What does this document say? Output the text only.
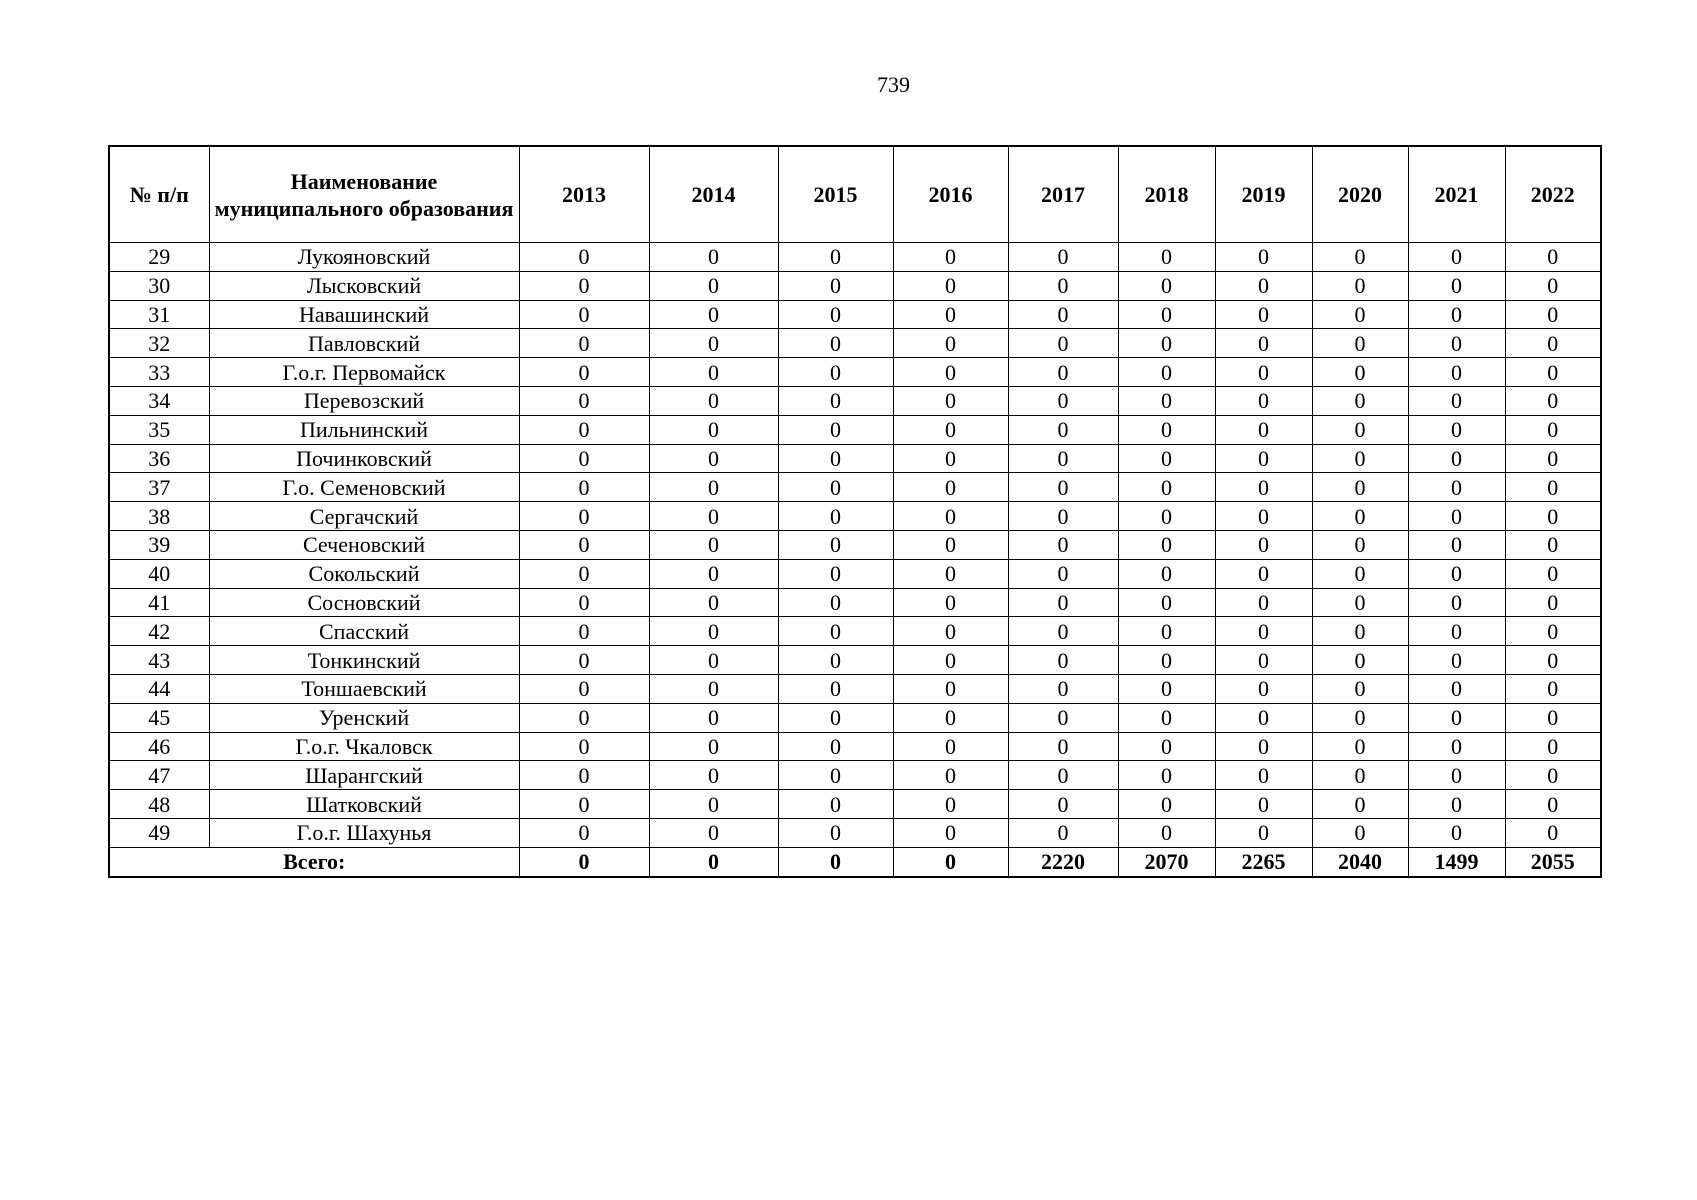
739
№ п/п	Наименование муниципального образования	2013	2014	2015	2016	2017	2018	2019	2020	2021	2022
29	Лукояновский	0	0	0	0	0	0	0	0	0	0
30	Лысковский	0	0	0	0	0	0	0	0	0	0
31	Навашинский	0	0	0	0	0	0	0	0	0	0
32	Павловский	0	0	0	0	0	0	0	0	0	0
33	Г.о.г. Первомайск	0	0	0	0	0	0	0	0	0	0
34	Перевозский	0	0	0	0	0	0	0	0	0	0
35	Пильнинский	0	0	0	0	0	0	0	0	0	0
36	Починковский	0	0	0	0	0	0	0	0	0	0
37	Г.о. Семеновский	0	0	0	0	0	0	0	0	0	0
38	Сергачский	0	0	0	0	0	0	0	0	0	0
39	Сеченовский	0	0	0	0	0	0	0	0	0	0
40	Сокольский	0	0	0	0	0	0	0	0	0	0
41	Сосновский	0	0	0	0	0	0	0	0	0	0
42	Спасский	0	0	0	0	0	0	0	0	0	0
43	Тонкинский	0	0	0	0	0	0	0	0	0	0
44	Тоншаевский	0	0	0	0	0	0	0	0	0	0
45	Уренский	0	0	0	0	0	0	0	0	0	0
46	Г.о.г. Чкаловск	0	0	0	0	0	0	0	0	0	0
47	Шарангский	0	0	0	0	0	0	0	0	0	0
48	Шатковский	0	0	0	0	0	0	0	0	0	0
49	Г.о.г. Шахунья	0	0	0	0	0	0	0	0	0	0
Всего:		0	0	0	0	2220	2070	2265	2040	1499	2055
